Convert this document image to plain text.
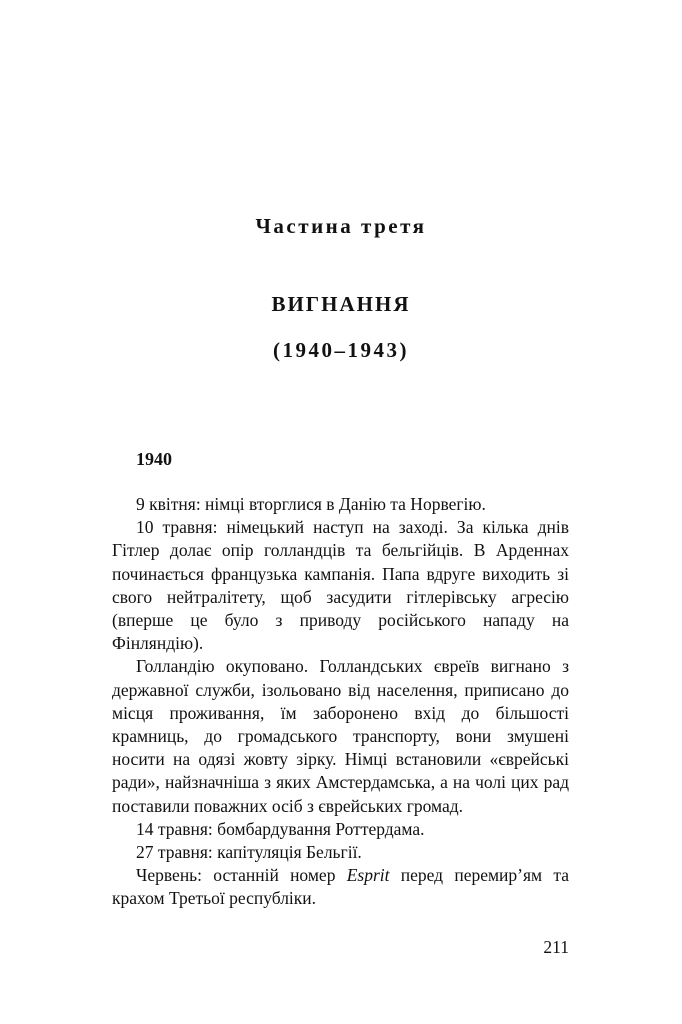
Частина третя
ВИГНАННЯ
(1940–1943)
1940

9 квітня: німці вторглися в Данію та Норвегію.

10 травня: німецький наступ на заході. За кілька днів Гітлер долає опір голландців та бельгійців. В Арденнах починається французька кампанія. Папа вдруге виходить зі свого нейтралітету, щоб засудити гітлерівську агресію (вперше це було з приводу російського нападу на Фінляндію).

Голландію окуповано. Голландських євреїв вигнано з державної служби, ізольовано від населення, приписано до місця проживання, їм заборонено вхід до більшості крамниць, до громадського транспорту, вони змушені носити на одязі жовту зірку. Німці встановили «єврейські ради», найзначніша з яких Амстердамська, а на чолі цих рад поставили поважних осіб з єврейських громад.

14 травня: бомбардування Роттердама.

27 травня: капітуляція Бельгії.

Червень: останній номер Esprit перед перемир’ям та крахом Третьої республіки.

211
